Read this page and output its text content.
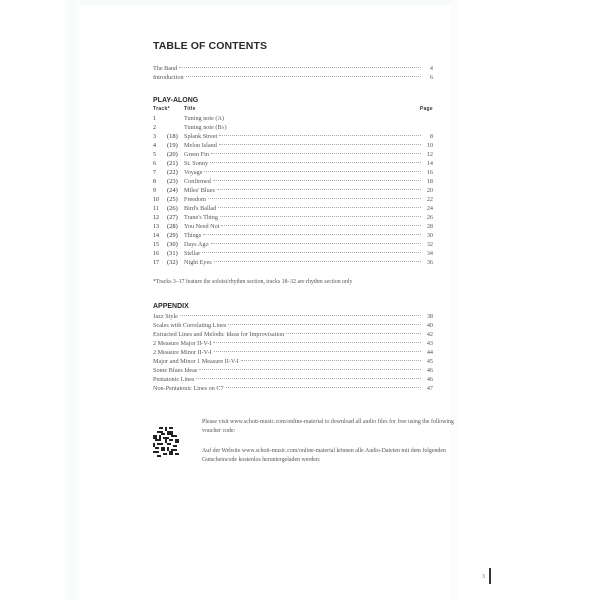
TABLE OF CONTENTS
The Band	4
Introduction	6
PLAY-ALONG
Track*	Title	Page
1	Tuning note (A)
2	Tuning note (B♭)
3	(18) Splank Street	8
4	(19) Melon Island	10
5	(20) Green Fin	12
6	(21) St. Sonny	14
7	(22) Voyage	16
8	(23) Confirmed	18
9	(24) Miles' Blues	20
10	(25) Freedom	22
11	(26) Bird's Ballad	24
12	(27) Trane's Thing	26
13	(28) You Need Not	28
14	(29) Things	30
15	(30) Days Ago	32
16	(31) Stellar	34
17	(32) Night Eyes	36
*Tracks 3–17 feature the soloist/rhythm section, tracks 18–32 are rhythm section only
APPENDIX
Jazz Style	38
Scales with Correlating Lines	40
Extracted Lines and Melodic Ideas for Improvisation	42
2 Measure Major II-V-I	43
2 Measure Minor II-V-I	44
Major and Minor 1 Measure II-V-I	45
Some Blues Ideas	46
Pentatonic Lines	46
Non-Pentatonic Lines on C7	47
Please visit www.schott-music.com/online-material to download all audio files for free using the following voucher code:
Auf der Website www.schott-music.com/online-material können alle Audio-Dateien mit dem folgenden Gutscheincode kostenlos heruntergeladen werden:
3
